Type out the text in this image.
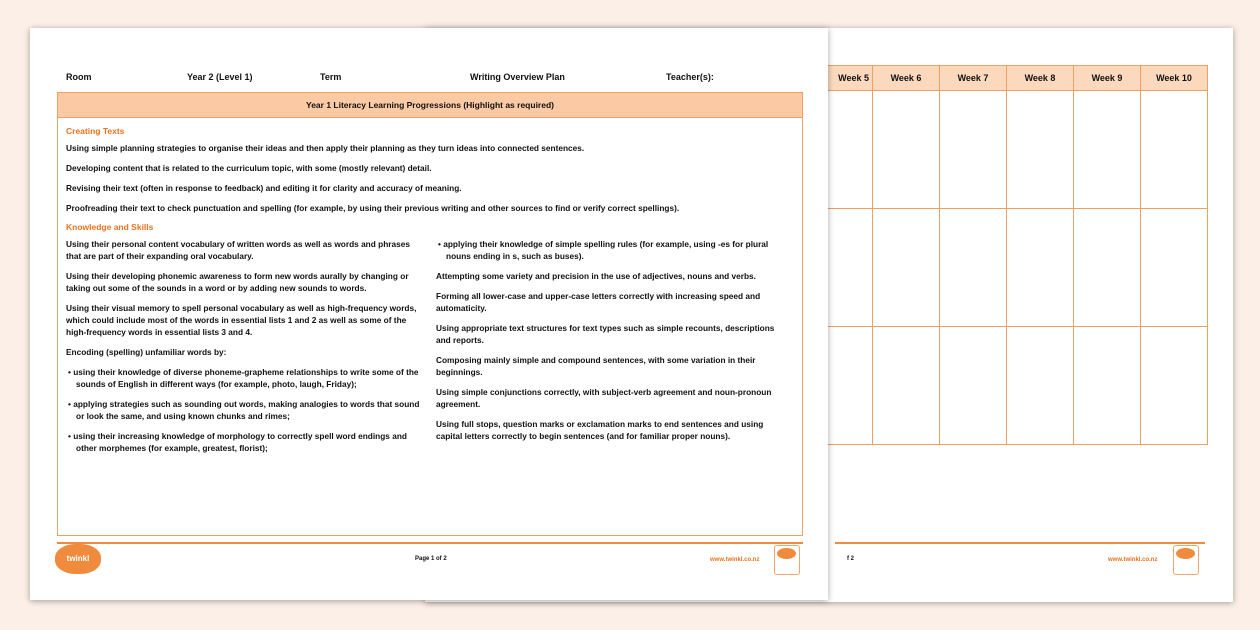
Week 5	Week 6	Week 7	Week 8	Week 9	Week 10

f 2	www.twinkl.co.nz
Room	Year 2 (Level 1)	Term	Writing Overview Plan	Teacher(s):
Year 1 Literacy Learning Progressions (Highlight as required)
Creating Texts
Using simple planning strategies to organise their ideas and then apply their planning as they turn ideas into connected sentences.
Developing content that is related to the curriculum topic, with some (mostly relevant) detail.
Revising their text (often in response to feedback) and editing it for clarity and accuracy of meaning.
Proofreading their text to check punctuation and spelling (for example, by using their previous writing and other sources to find or verify correct spellings).
Knowledge and Skills
Using their personal content vocabulary of written words as well as words and phrases that are part of their expanding oral vocabulary.
Using their developing phonemic awareness to form new words aurally by changing or taking out some of the sounds in a word or by adding new sounds to words.
Using their visual memory to spell personal vocabulary as well as high-frequency words, which could include most of the words in essential lists 1 and 2 as well as some of the high-frequency words in essential lists 3 and 4.
Encoding (spelling) unfamiliar words by:
• using their knowledge of diverse phoneme-grapheme relationships to write some of the sounds of English in different ways (for example, photo, laugh, Friday);
• applying strategies such as sounding out words, making analogies to words that sound or look the same, and using known chunks and rimes;
• using their increasing knowledge of morphology to correctly spell word endings and other morphemes (for example, greatest, florist);
• applying their knowledge of simple spelling rules (for example, using -es for plural nouns ending in s, such as buses).
Attempting some variety and precision in the use of adjectives, nouns and verbs.
Forming all lower-case and upper-case letters correctly with increasing speed and automaticity.
Using appropriate text structures for text types such as simple recounts, descriptions and reports.
Composing mainly simple and compound sentences, with some variation in their beginnings.
Using simple conjunctions correctly, with subject-verb agreement and noun-pronoun agreement.
Using full stops, question marks or exclamation marks to end sentences and using capital letters correctly to begin sentences (and for familiar proper nouns).
twinkl	Page 1 of 2	www.twinkl.co.nz
